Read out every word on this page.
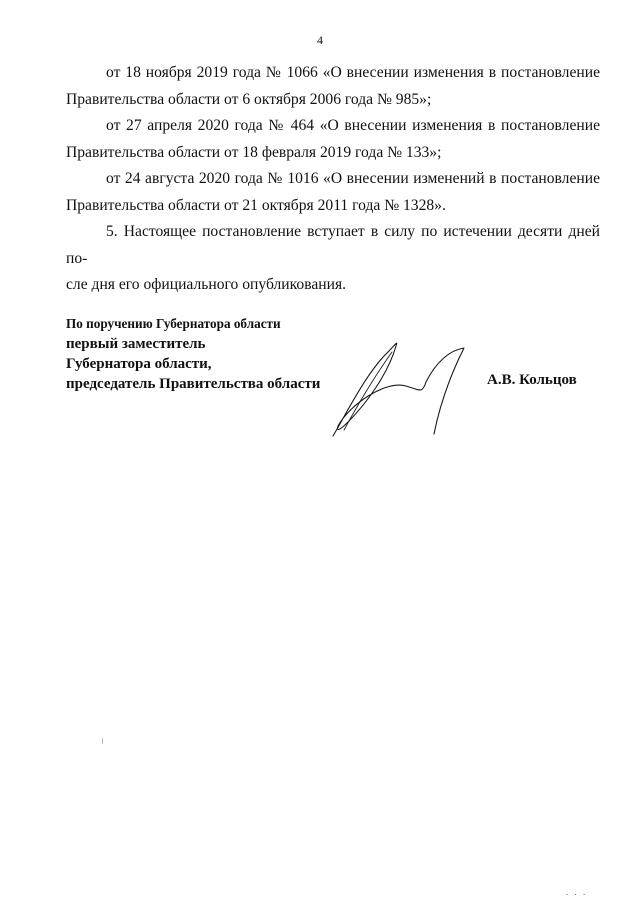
4

от 18 ноября 2019 года № 1066 «О внесении изменения в постановление
Правительства области от 6 октября 2006 года № 985»;

от 27 апреля 2020 года № 464 «О внесении изменения в постановление
Правительства области от 18 февраля 2019 года № 133»;

от 24 августа 2020 года № 1016 «О внесении изменений в постановление
Правительства области от 21 октября 2011 года № 1328».

5. Настоящее постановление вступает в силу по истечении десяти дней по-
сле дня его официального опубликования.

По поручению Губернатора области
первый заместитель
Губернатора области,
председатель Правительства области	А.В. Кольцов
. . .
